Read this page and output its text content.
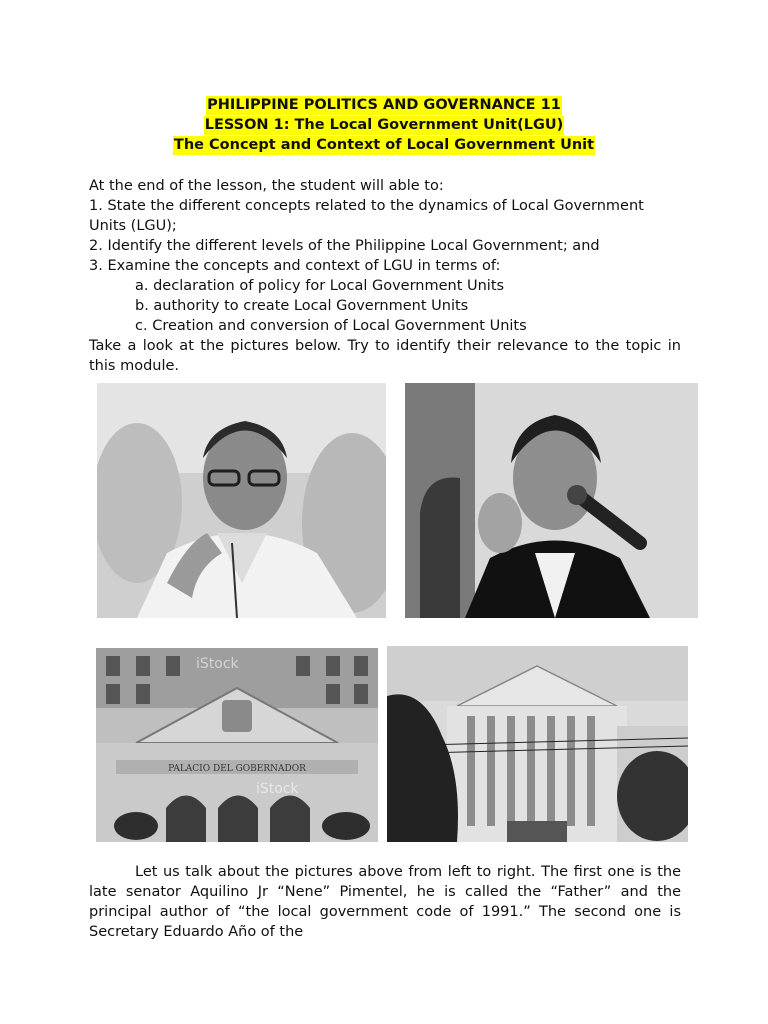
PHILIPPINE POLITICS AND GOVERNANCE 11
LESSON 1: The Local Government Unit(LGU)
The Concept and Context of Local Government Unit
At the end of the lesson, the student will able to:
1. State the different concepts related to the dynamics of Local Government Units (LGU);
2. Identify the different levels of the Philippine Local Government; and
3. Examine the concepts and context of LGU in terms of:
a. declaration of policy for Local Government Units
b. authority to create Local Government Units
c. Creation and conversion of Local Government Units
Take a look at the pictures below. Try to identify their relevance to the topic in this module.
PALACIO DEL GOBERNADOR
iStock
iStock
Let us talk about the pictures above from left to right. The first one is the late senator Aquilino Jr “Nene” Pimentel, he is called the “Father” and the principal author of “the local government code of 1991.” The second one is Secretary Eduardo Año of the
